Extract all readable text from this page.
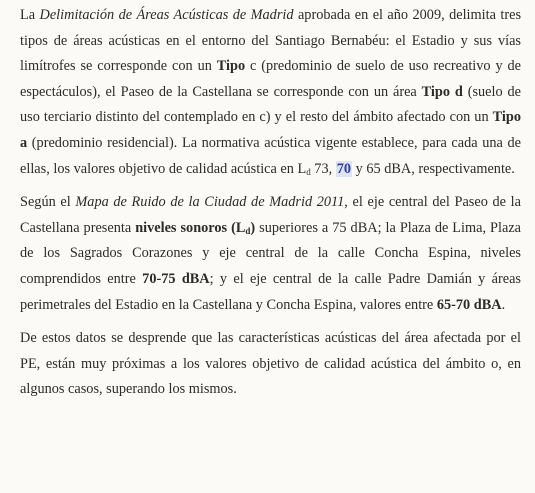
La Delimitación de Áreas Acústicas de Madrid aprobada en el año 2009, delimita tres tipos de áreas acústicas en el entorno del Santiago Bernabéu: el Estadio y sus vías limítrofes se corresponde con un Tipo c (predominio de suelo de uso recreativo y de espectáculos), el Paseo de la Castellana se corresponde con un área Tipo d (suelo de uso terciario distinto del contemplado en c) y el resto del ámbito afectado con un Tipo a (predominio residencial). La normativa acústica vigente establece, para cada una de ellas, los valores objetivo de calidad acústica en $L_d$ 73, 70 y 65 dBA, respectivamente.

Según el Mapa de Ruido de la Ciudad de Madrid 2011, el eje central del Paseo de la Castellana presenta niveles sonoros $(L_d)$ superiores a 75 dBA; la Plaza de Lima, Plaza de los Sagrados Corazones y eje central de la calle Concha Espina, niveles comprendidos entre 70-75 dBA; y el eje central de la calle Padre Damián y áreas perimetrales del Estadio en la Castellana y Concha Espina, valores entre 65-70 dBA.

De estos datos se desprende que las características acústicas del área afectada por el PE, están muy próximas a los valores objetivo de calidad acústica del ámbito o, en algunos casos, superando los mismos.
